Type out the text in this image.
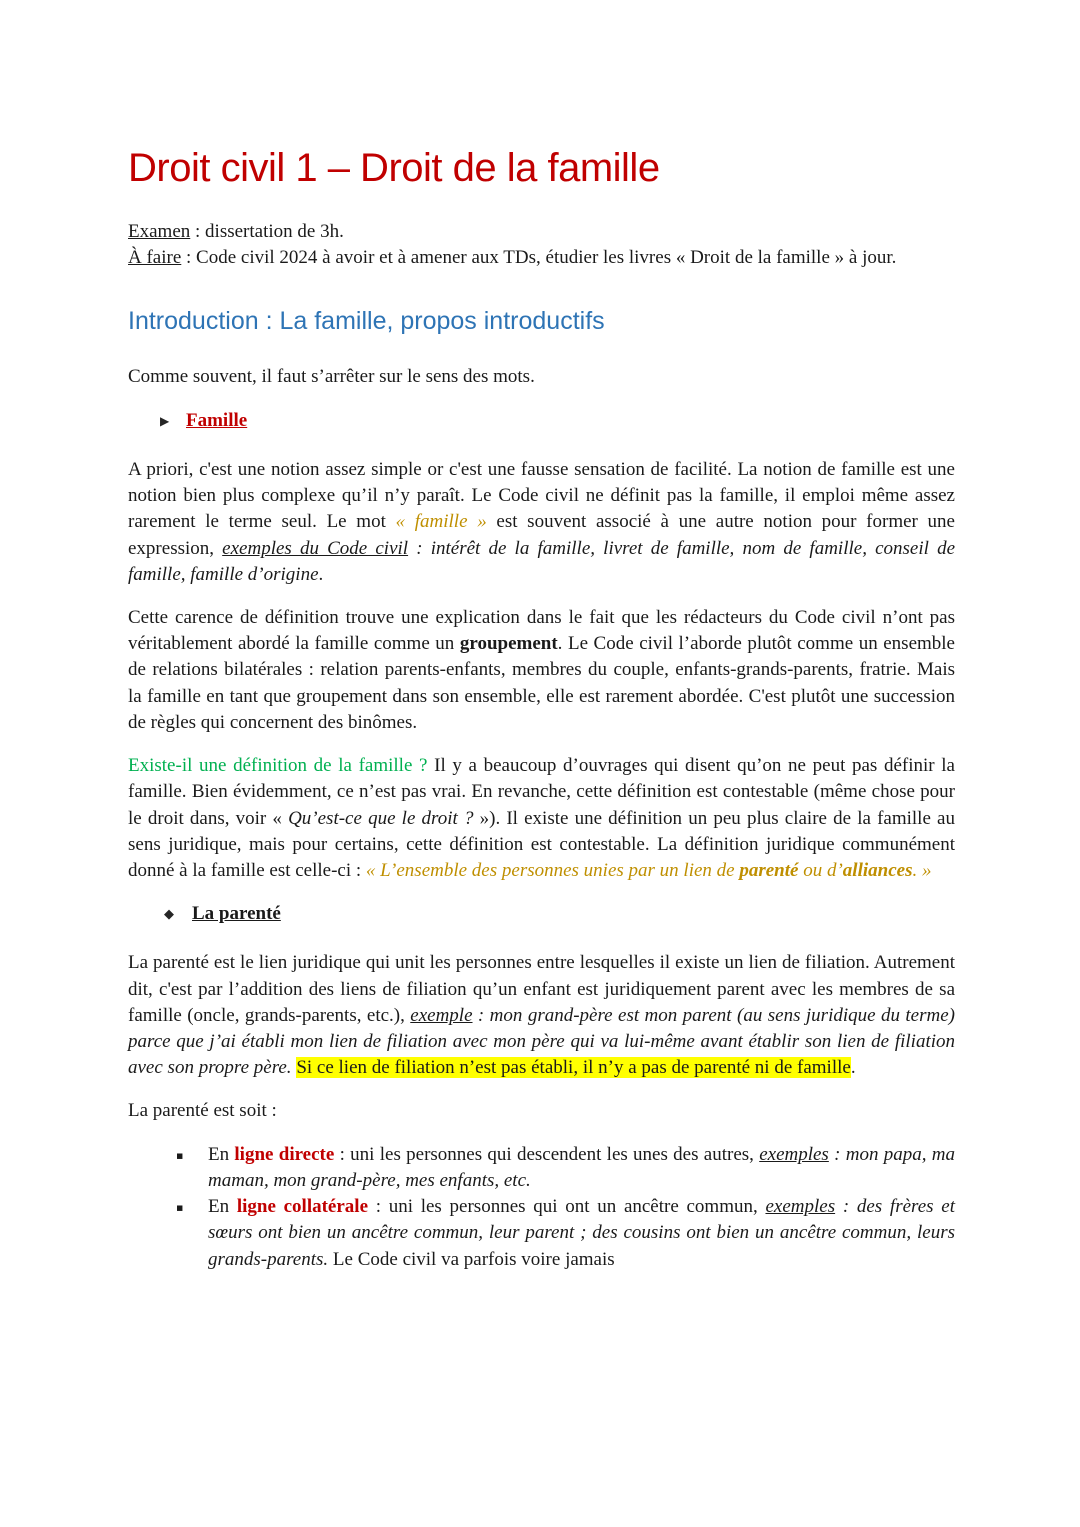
Droit civil 1 – Droit de la famille

Examen : dissertation de 3h.

À faire : Code civil 2024 à avoir et à amener aux TDs, étudier les livres « Droit de la famille » à jour.

Introduction : La famille, propos introductifs

Comme souvent, il faut s’arrêter sur le sens des mots.

▶ Famille

A priori, c'est une notion assez simple or c'est une fausse sensation de facilité. La notion de famille est une notion bien plus complexe qu’il n’y paraît. Le Code civil ne définit pas la famille, il emploi même assez rarement le terme seul. Le mot « famille » est souvent associé à une autre notion pour former une expression, exemples du Code civil : intérêt de la famille, livret de famille, nom de famille, conseil de famille, famille d’origine.

Cette carence de définition trouve une explication dans le fait que les rédacteurs du Code civil n’ont pas véritablement abordé la famille comme un groupement. Le Code civil l’aborde plutôt comme un ensemble de relations bilatérales : relation parents-enfants, membres du couple, enfants-grands-parents, fratrie. Mais la famille en tant que groupement dans son ensemble, elle est rarement abordée. C'est plutôt une succession de règles qui concernent des binômes.

Existe-il une définition de la famille ? Il y a beaucoup d’ouvrages qui disent qu’on ne peut pas définir la famille. Bien évidemment, ce n’est pas vrai. En revanche, cette définition est contestable (même chose pour le droit dans, voir « Qu’est-ce que le droit ? »). Il existe une définition un peu plus claire de la famille au sens juridique, mais pour certains, cette définition est contestable. La définition juridique communément donné à la famille est celle-ci : « L’ensemble des personnes unies par un lien de parenté ou d’alliances. »

◆ La parenté

La parenté est le lien juridique qui unit les personnes entre lesquelles il existe un lien de filiation. Autrement dit, c'est par l’addition des liens de filiation qu’un enfant est juridiquement parent avec les membres de sa famille (oncle, grands-parents, etc.), exemple : mon grand-père est mon parent (au sens juridique du terme) parce que j’ai établi mon lien de filiation avec mon père qui va lui-même avant établir son lien de filiation avec son propre père. Si ce lien de filiation n’est pas établi, il n’y a pas de parenté ni de famille.

La parenté est soit :

▪	En ligne directe : uni les personnes qui descendent les unes des autres, exemples : mon papa, ma maman, mon grand-père, mes enfants, etc.
▪	En ligne collatérale : uni les personnes qui ont un ancêtre commun, exemples : des frères et sœurs ont bien un ancêtre commun, leur parent ; des cousins ont bien un ancêtre commun, leurs grands-parents. Le Code civil va parfois voire jamais
